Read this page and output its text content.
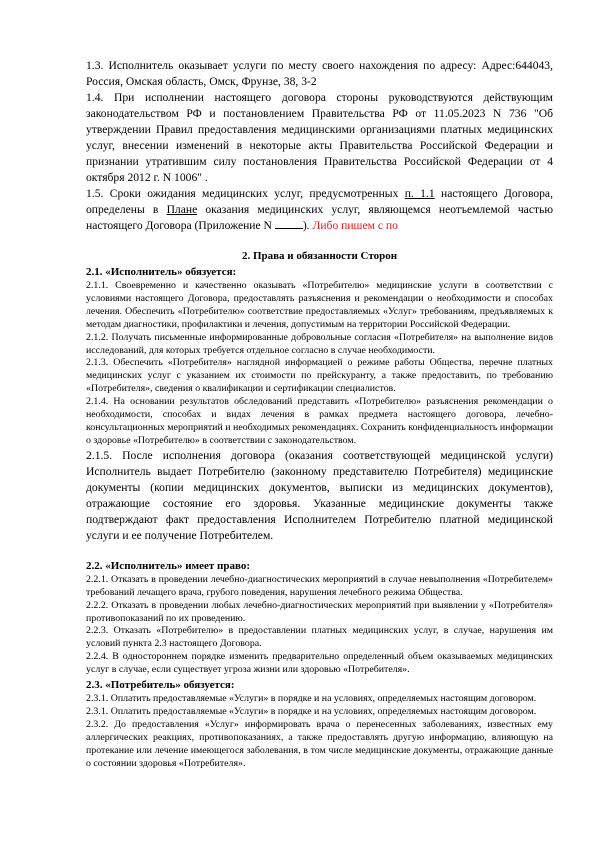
1.3. Исполнитель оказывает услуги по месту своего нахождения по адресу: Адрес:644043, Россия, Омская область, Омск, Фрунзе, 38, 3-2

1.4. При исполнении настоящего договора стороны руководствуются действующим законодательством РФ и постановлением Правительства РФ от 11.05.2023 N 736 "Об утверждении Правил предоставления медицинскими организациями платных медицинских услуг, внесении изменений в некоторые акты Правительства Российской Федерации и признании утратившим силу постановления Правительства Российской Федерации от 4 октября 2012 г. N 1006" .

1.5. Сроки ожидания медицинских услуг, предусмотренных п. 1.1 настоящего Договора, определены в Плане оказания медицинских услуг, являющемся неотъемлемой частью настоящего Договора (Приложение N ). Либо пишем с по

2. Права и обязанности Сторон

2.1. «Исполнитель» обязуется:

2.1.1. Своевременно и качественно оказывать «Потребителю» медицинские услуги в соответствии с условиями настоящего Договора, предоставлять разъяснения и рекомендации о необходимости и способах лечения. Обеспечить «Потребителю» соответствие предоставляемых «Услуг» требованиям, предъявляемых к методам диагностики, профилактики и лечения, допустимым на территории Российской Федерации.

2.1.2. Получать письменные информированные добровольные согласия «Потребителя» на выполнение видов исследований, для которых требуется отдельное согласно в случае необходимости.

2.1.3. Обеспечить «Потребителя» наглядной информацией о режиме работы Общества, перечне платных медицинских услуг с указанием их стоимости по прейскуранту, а также предоставить, по требованию «Потребителя», сведения о квалификации и сертификации специалистов.

2.1.4. На основании результатов обследований представить «Потребителю» разъяснения рекомендации о необходимости, способах и видах лечения в рамках предмета настоящего договора, лечебно-консультационных мероприятий и необходимых рекомендациях. Сохранить конфиденциальность информации о здоровье «Потребителю» в соответствии с законодательством.

2.1.5. После исполнения договора (оказания соответствующей медицинской услуги) Исполнитель выдает Потребителю (законному представителю Потребителя) медицинские документы (копии медицинских документов, выписки из медицинских документов), отражающие состояние его здоровья. Указанные медицинские документы также подтверждают факт предоставления Исполнителем Потребителю платной медицинской услуги и ее получение Потребителем.

2.2. «Исполнитель» имеет право:

2.2.1. Отказать в проведении лечебно-диагностических мероприятий в случае невыполнения «Потребителем» требований лечащего врача, грубого поведения, нарушения лечебного режима Общества.

2.2.2. Отказать в проведении любых лечебно-диагностических мероприятий при выявлении у «Потребителя» противопоказаний по их проведению.

2.2.3. Отказать «Потребителю» в предоставлении платных медицинских услуг, в случае, нарушения им условий пункта 2.3 настоящего Договора.

2.2.4. В одностороннем порядке изменить предварительно определенный объем оказываемых медицинских услуг в случае, если существует угроза жизни или здоровью «Потребителя».

2.3. «Потребитель» обязуется:

2.3.1. Оплатить предоставляемые «Услуги» в порядке и на условиях, определяемых настоящим договором.

2.3.1. Оплатить предоставляемые «Услуги» в порядке и на условиях, определяемых настоящим договором.

2.3.2. До предоставления «Услуг» информировать врача о перенесенных заболеваниях, известных ему аллергических реакциях, противопоказаниях, а также предоставлять другую информацию, влияющую на протекание или лечение имеющегося заболевания, в том числе медицинские документы, отражающие данные о состоянии здоровья «Потребителя».
